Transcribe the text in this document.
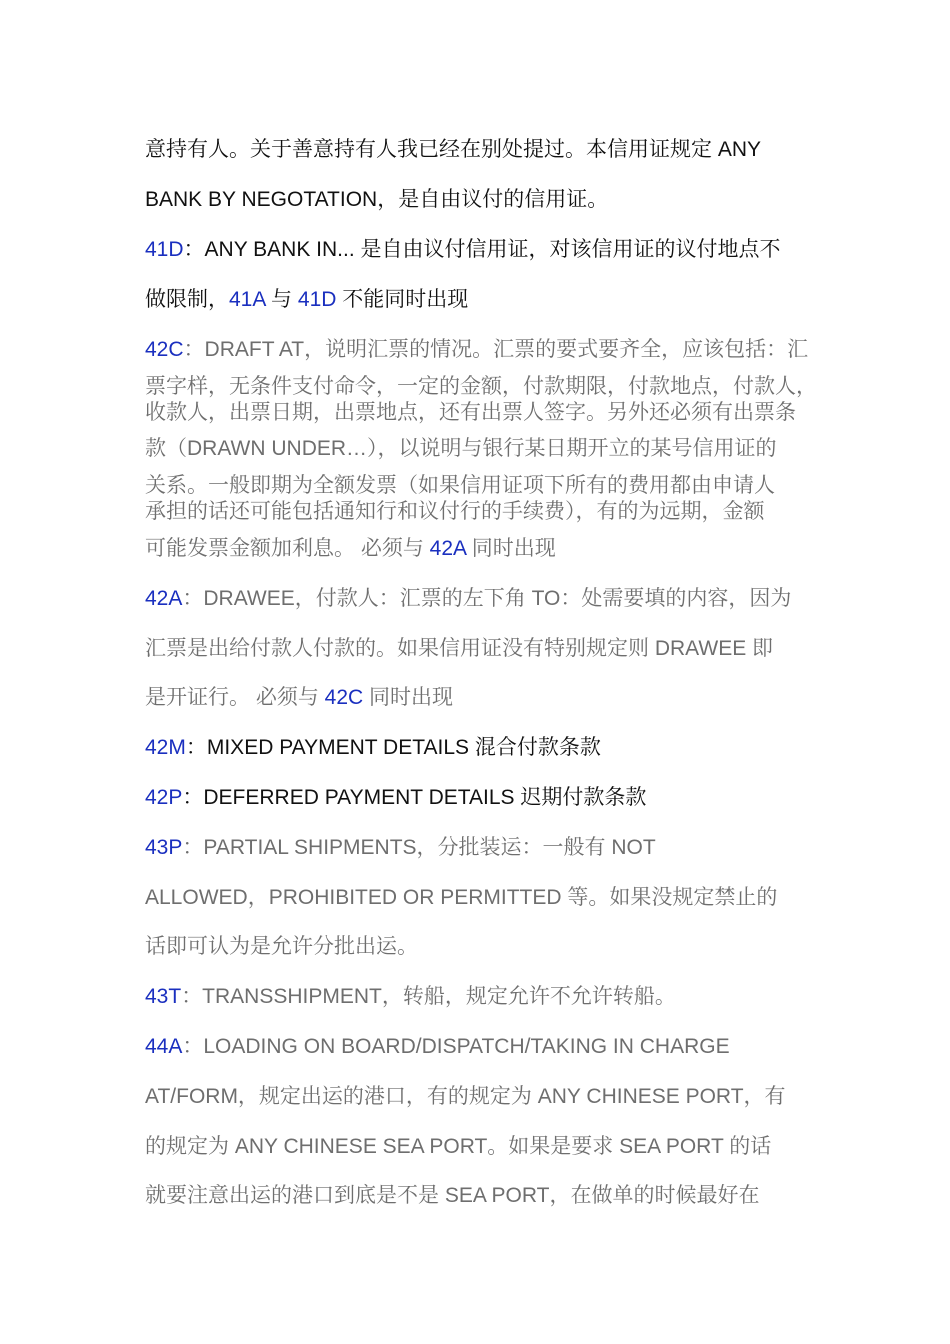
意持有人。关于善意持有人我已经在别处提过。本信用证规定 ANY
BANK BY NEGOTATION，是自由议付的信用证。
41D：ANY BANK IN... 是自由议付信用证，对该信用证的议付地点不
做限制，41A 与 41D 不能同时出现
42C：DRAFT AT，说明汇票的情况。汇票的要式要齐全，应该包括：汇
票字样，无条件支付命令，一定的金额，付款期限，付款地点，付款人，
收款人，出票日期，出票地点，还有出票人签字。另外还必须有出票条
款（DRAWN UNDER…），以说明与银行某日期开立的某号信用证的
关系。一般即期为全额发票（如果信用证项下所有的费用都由申请人
承担的话还可能包括通知行和议付行的手续费），有的为远期，金额
可能发票金额加利息。 必须与 42A 同时出现
42A：DRAWEE，付款人：汇票的左下角 TO：处需要填的内容，因为
汇票是出给付款人付款的。如果信用证没有特别规定则 DRAWEE 即
是开证行。 必须与 42C 同时出现
42M：MIXED PAYMENT DETAILS 混合付款条款
42P：DEFERRED PAYMENT DETAILS 迟期付款条款
43P：PARTIAL SHIPMENTS，分批装运：一般有 NOT
ALLOWED，PROHIBITED OR PERMITTED 等。如果没规定禁止的
话即可认为是允许分批出运。
43T：TRANSSHIPMENT，转船，规定允许不允许转船。
44A：LOADING ON BOARD/DISPATCH/TAKING IN CHARGE
AT/FORM，规定出运的港口，有的规定为 ANY CHINESE PORT，有
的规定为 ANY CHINESE SEA PORT。如果是要求 SEA PORT 的话
就要注意出运的港口到底是不是 SEA PORT，在做单的时候最好在
